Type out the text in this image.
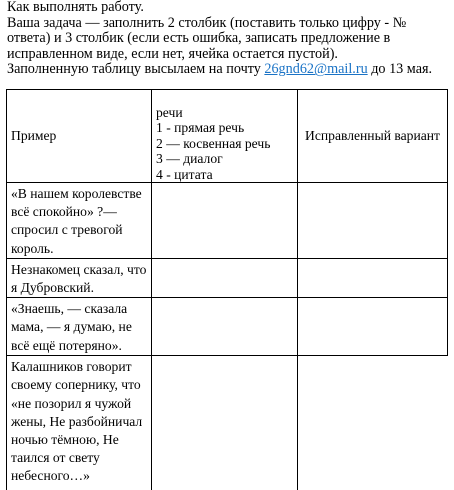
Как выполнять работу.

Ваша задача — заполнить 2 столбик (поставить только цифру - № ответа) и 3 столбик (если есть ошибка, записать предложение в исправленном виде, если нет, ячейка остается пустой).

Заполненную таблицу высылаем на почту 26gnd62@mail.ru до 13 мая.

Пример	речи
1 - прямая речь
2 — косвенная речь
3 — диалог
4 - цитата	Исправленный вариант
«В нашем королевстве всё спокойно» ?— спросил с тревогой король.		
Незнакомец сказал, что я Дубровский.		
«Знаешь, — сказала мама, — я думаю, не всё ещё потеряно».		
Калашников говорит своему сопернику, что «не позорил я чужой жены, Не разбойничал ночью тёмною, Не таился от свету небесного…»		
